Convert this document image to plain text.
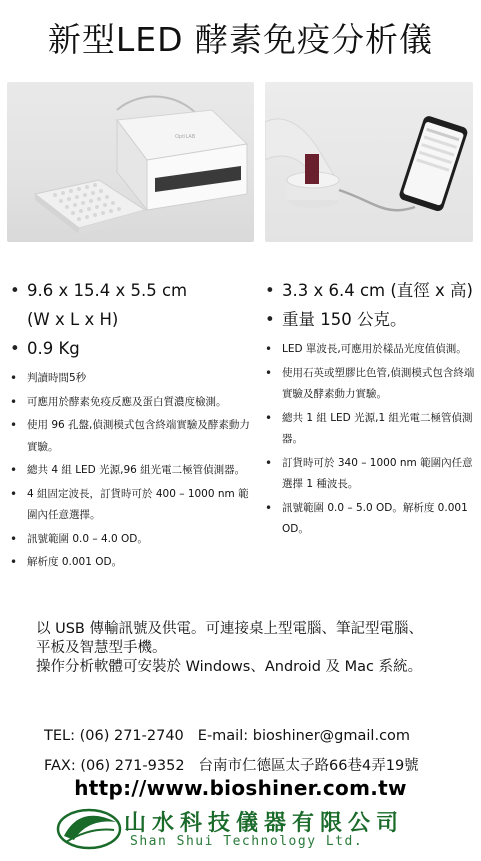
新型LED 酵素免疫分析儀
OptiLAB
• 9.6 x 15.4 x 5.5 cm
(W x L x H)
• 0.9 Kg
• 判讀時間5秒
• 可應用於酵素免疫反應及蛋白質濃度檢測。
• 使用 96 孔盤,偵測模式包含終端實驗及酵素動力實驗。
• 總共 4 組 LED 光源,96 組光電二極管偵測器。
• 4 組固定波長，訂貨時可於 400 – 1000 nm 範圍內任意選擇。
• 訊號範圍 0.0 – 4.0 OD。
• 解析度 0.001 OD。
• 3.3 x 6.4 cm (直徑 x 高)
• 重量 150 公克。
• LED 單波長,可應用於樣品光度值偵測。
• 使用石英或塑膠比色管,偵測模式包含終端實驗及酵素動力實驗。
• 總共 1 組 LED 光源,1 組光電二極管偵測器。
• 訂貨時可於 340 – 1000 nm 範圍內任意選擇 1 種波長。
• 訊號範圍 0.0 – 5.0 OD。解析度 0.001 OD。
以 USB 傳輸訊號及供電。可連接桌上型電腦、筆記型電腦、
平板及智慧型手機。
操作分析軟體可安裝於 Windows、Android 及 Mac 系統。
TEL: (06) 271-2740 E-mail: bioshiner@gmail.com
FAX: (06) 271-9352 台南市仁德區太子路66巷4弄19號
http://www.bioshiner.com.tw
山水科技儀器有限公司
Shan Shui Technology Ltd.
